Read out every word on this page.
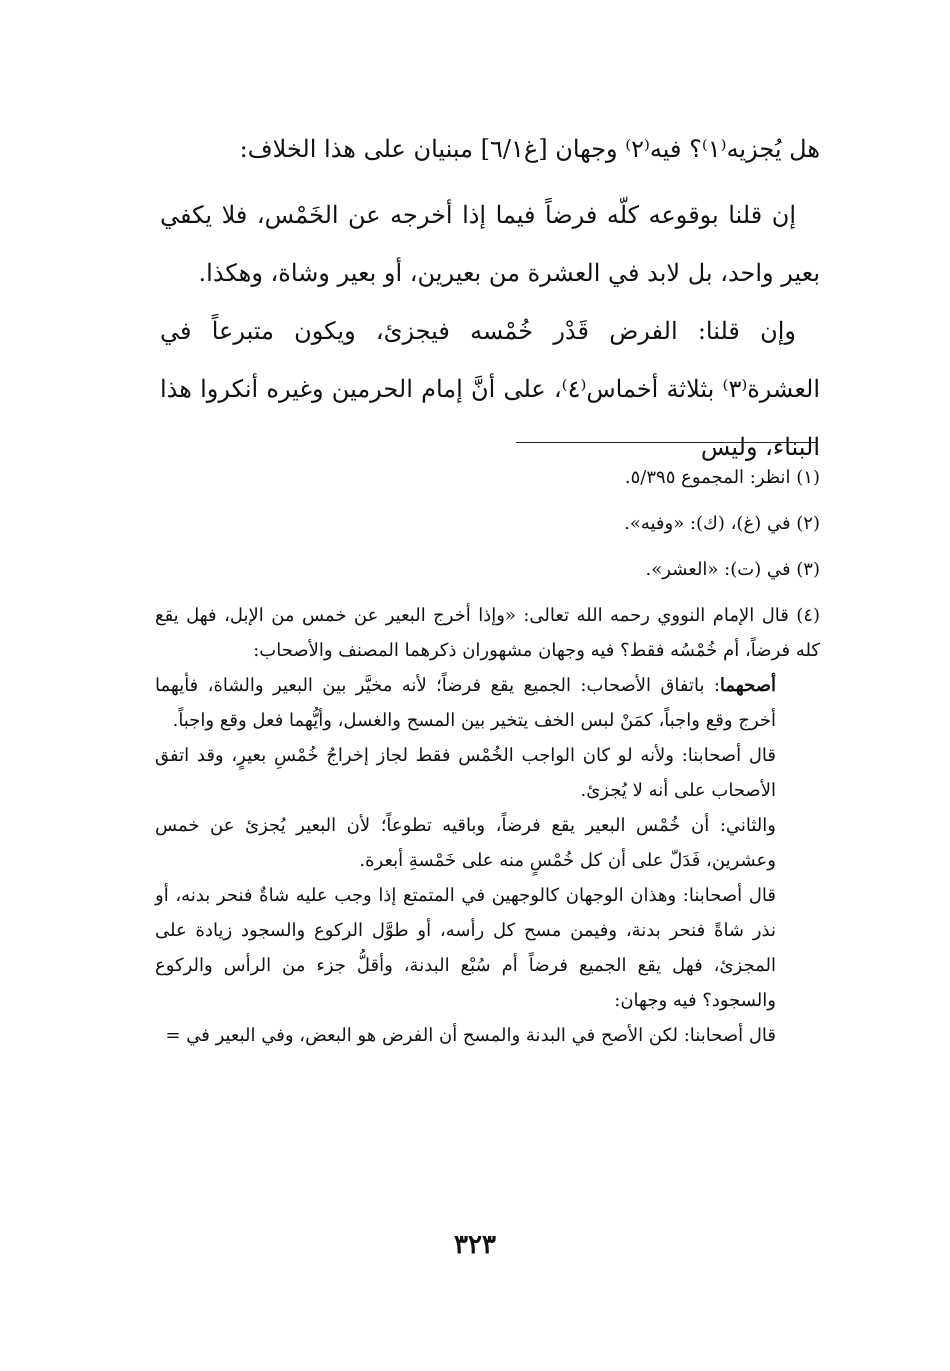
هل يُجزيه⁽١⁾؟ فيه⁽٢⁾ وجهان [غ٦/١] مبنيان على هذا الخلاف:

إن قلنا بوقوعه كلّه فرضاً فيما إذا أخرجه عن الخَمْس، فلا يكفي بعير واحد، بل لابد في العشرة من بعيرين، أو بعير وشاة، وهكذا.

وإن قلنا: الفرض قَدْر خُمْسه فيجزئ، ويكون متبرعاً في العشرة⁽٣⁾ بثلاثة أخماس⁽٤⁾، على أنَّ إمام الحرمين وغيره أنكروا هذا البناء، وليس

(١) انظر: المجموع ٥/٣٩٥.
(٢) في (غ)، (ك): «وفيه».
(٣) في (ت): «العشر».
(٤) قال الإمام النووي رحمه الله تعالى: «وإذا أخرج البعير عن خمس من الإبل، فهل يقع كله فرضاً، أم خُمْسُه فقط؟ فيه وجهان مشهوران ذكرهما المصنف والأصحاب:
أصحهما: باتفاق الأصحاب: الجميع يقع فرضاً؛ لأنه مخيَّر بين البعير والشاة، فأيهما أخرج وقع واجباً، كمَنْ لبس الخف يتخير بين المسح والغسل، وأيُّهما فعل وقع واجباً.
قال أصحابنا: ولأنه لو كان الواجب الخُمْس فقط لجاز إخراجُ خُمْسِ بعيرٍ، وقد اتفق الأصحاب على أنه لا يُجزئ.
والثاني: أن خُمْس البعير يقع فرضاً، وباقيه تطوعاً؛ لأن البعير يُجزئ عن خمس وعشرين، فَدَلّ على أن كل خُمْسٍ منه على خَمْسةِ أبعرة.
قال أصحابنا: وهذان الوجهان كالوجهين في المتمتع إذا وجب عليه شاةٌ فنحر بدنه، أو نذر شاةً فنحر بدنة، وفيمن مسح كل رأسه، أو طوَّل الركوع والسجود زيادة على المجزئ، فهل يقع الجميع فرضاً أم سُبْع البدنة، وأقلُّ جزء من الرأس والركوع والسجود؟ فيه وجهان:
قال أصحابنا: لكن الأصح في البدنة والمسح أن الفرض هو البعض، وفي البعير في =
٣٢٣
